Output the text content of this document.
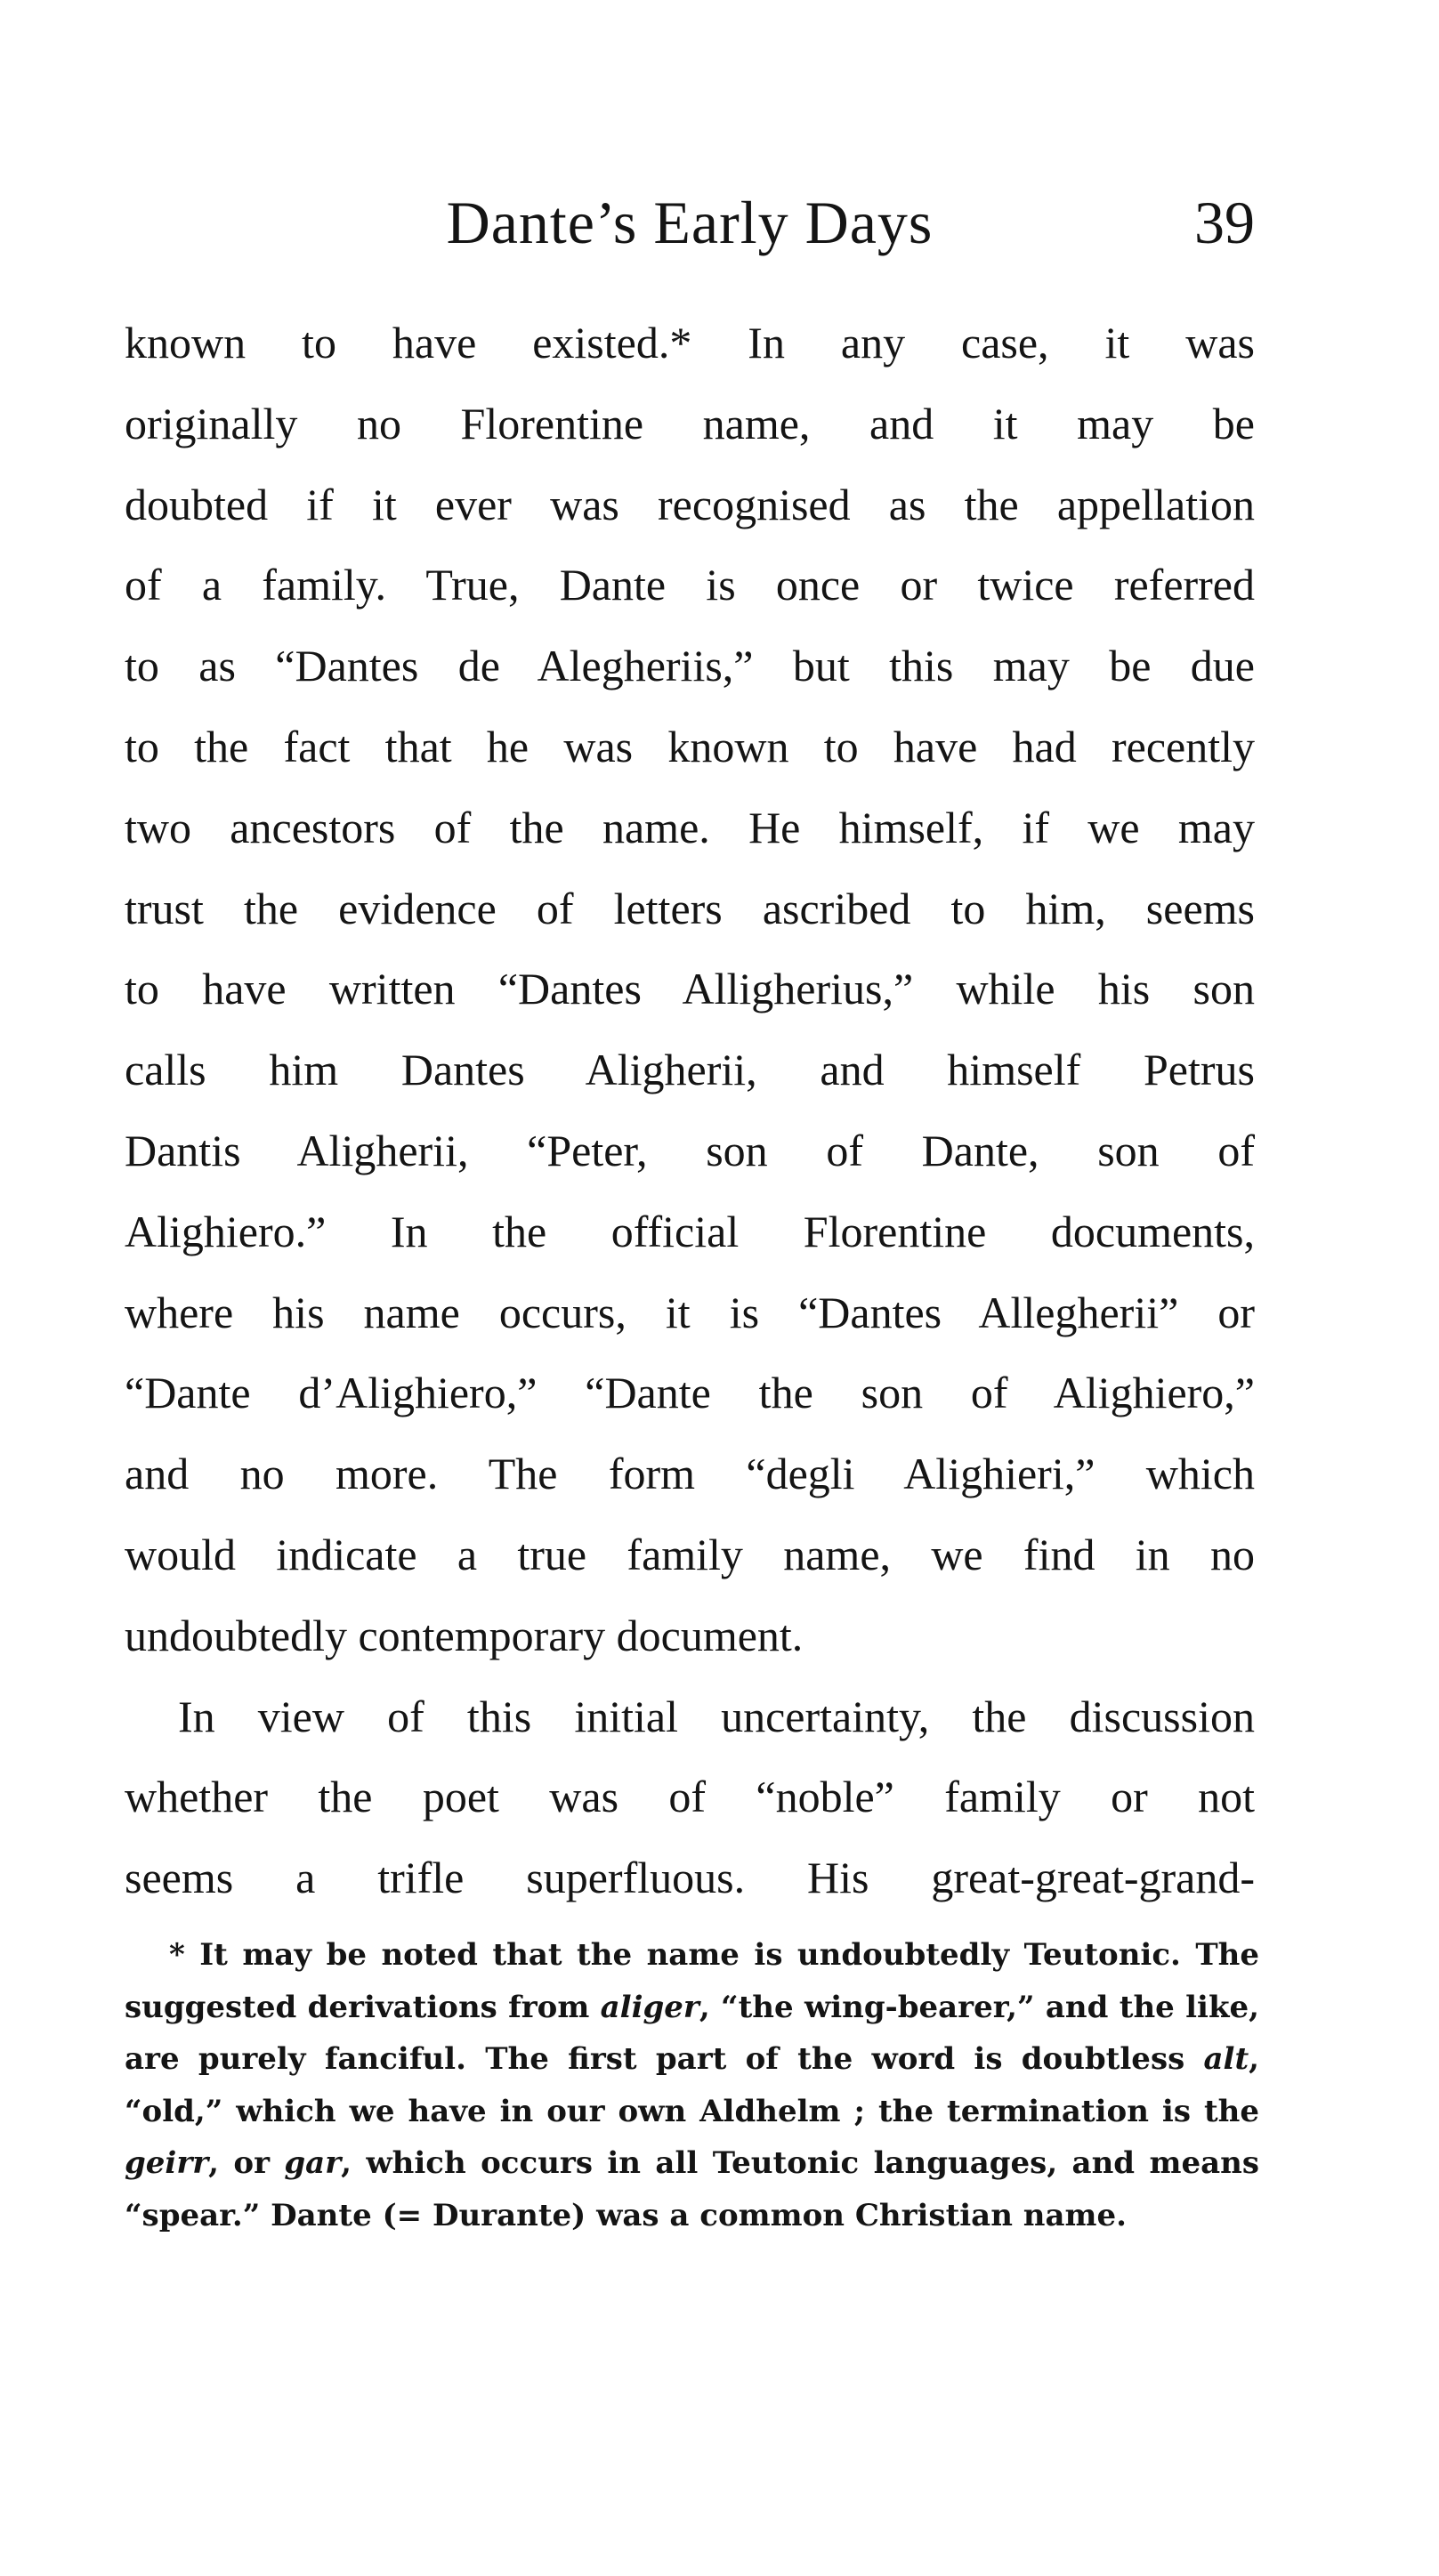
Dante’s Early Days	39
known to have existed.* In any case, it was
originally no Florentine name, and it may be
doubted if it ever was recognised as the appellation
of a family. True, Dante is once or twice referred
to as “Dantes de Alegheriis,” but this may be due
to the fact that he was known to have had recently
two ancestors of the name. He himself, if we may
trust the evidence of letters ascribed to him, seems
to have written “Dantes Alligherius,” while his son
calls him Dantes Aligherii, and himself Petrus
Dantis Aligherii, “Peter, son of Dante, son of
Alighiero.” In the official Florentine documents,
where his name occurs, it is “Dantes Allegherii” or
“Dante d’Alighiero,” “Dante the son of Alighiero,”
and no more. The form “degli Alighieri,” which
would indicate a true family name, we find in no
undoubtedly contemporary document.
In view of this initial uncertainty, the discussion
whether the poet was of “noble” family or not
seems a trifle superfluous. His great-great-grand-
* It may be noted that the name is undoubtedly Teutonic. The
suggested derivations from aliger, “the wing-bearer,” and the like,
are purely fanciful. The first part of the word is doubtless alt,
“old,” which we have in our own Aldhelm ; the termination is the
geirr, or gar, which occurs in all Teutonic languages, and means
“spear.” Dante (= Durante) was a common Christian name.
